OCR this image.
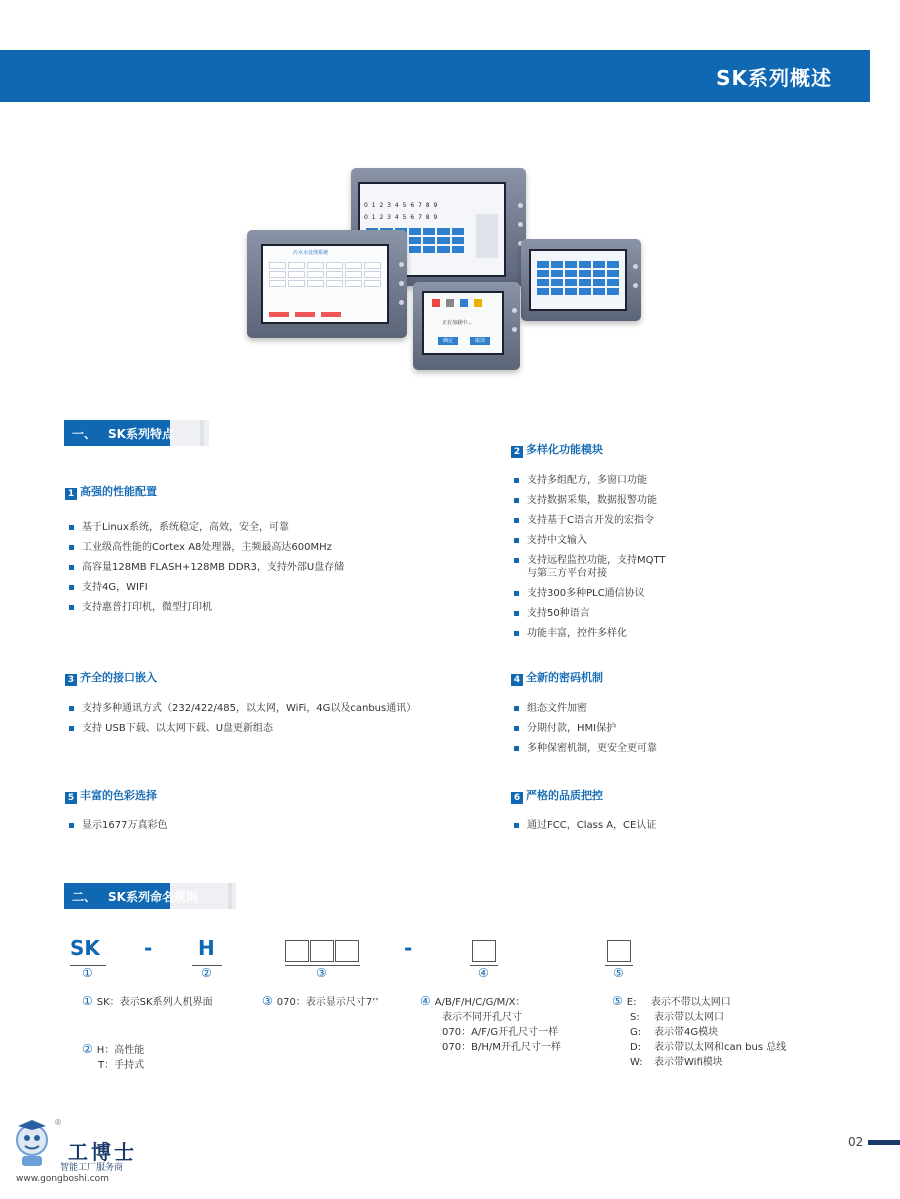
SK系列概述
0 1 2 3 4 5 6 7 8 9
0 1 2 3 4 5 6 7 8 9
污水水处理系统
正在加载中...
确定	取消
一、 SK系列特点
1 高强的性能配置
基于Linux系统，系统稳定，高效，安全，可靠
工业级高性能的Cortex A8处理器，主频最高达600MHz
高容量128MB FLASH+128MB DDR3，支持外部U盘存储
支持4G，WIFI
支持惠普打印机，微型打印机
2 多样化功能模块
支持多组配方，多窗口功能
支持数据采集，数据报警功能
支持基于C语言开发的宏指令
支持中文输入
支持远程监控功能，支持MQTT
与第三方平台对接
支持300多种PLC通信协议
支持50种语言
功能丰富，控件多样化
3 齐全的接口嵌入
支持多种通讯方式（232/422/485，以太网，WiFi，4G以及canbus通讯）
支持 USB下载、以太网下载、U盘更新组态
4 全新的密码机制
组态文件加密
分期付款，HMI保护
多种保密机制，更安全更可靠
5 丰富的色彩选择
显示1677万真彩色
6 严格的品质把控
通过FCC，Class A，CE认证
二、 SK系列命名规则
SK - H	-
①	②	③	④	⑤
① SK：表示SK系列人机界面
② H：高性能
T：手持式
③ 070：表示显示尺寸7’’	④ A/B/F/H/C/G/M/X：
表示不同开孔尺寸
070：A/F/G开孔尺寸一样
070：B/H/M开孔尺寸一样
⑤ E: 表示不带以太网口
S: 表示带以太网口
G: 表示带4G模块
D: 表示带以太网和can bus 总线
W: 表示带Wifi模块
®
工博士
智能工厂服务商
www.gongboshi.com
02
